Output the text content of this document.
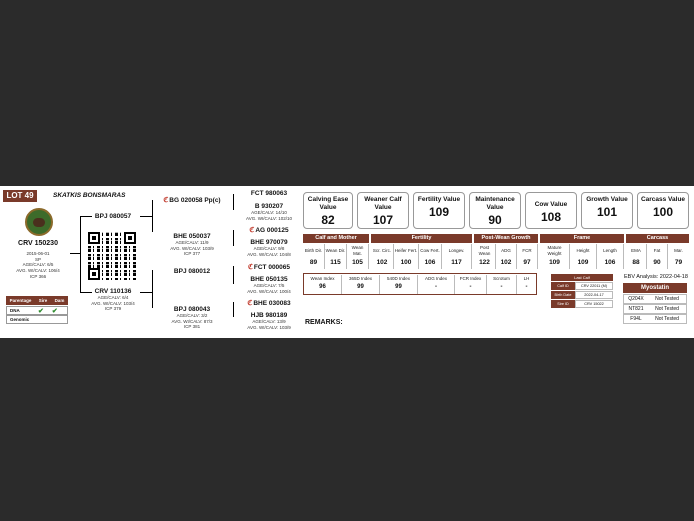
LOT 49	SKATKIS BONSMARAS
CRV 150230
2015-06-01
SP
AGE/CALV: 6/5
AVG. WI/CALV: 106/4
ICP 366
Parentage Sire Dam
DNA	✔ ✔
Genomic
BPJ 080057
CRV 110136
AGE/CALV: 6/4
AVG. WI/CALV: 103/4
ICP 379
ℭBG 020058 Pp(c)
BHE 050037
AGE/CALV: 11/9
AVG. WI/CALV: 103/9
ICP 377
BPJ 080012
BPJ 080043
AGE/CALV: 3/2
AVG. WI/CALV: 87/3
ICP 381
FCT 980063
B 930207
AGE/CALV: 14/10
AVG. WI/CALV: 102/10
ℭAG 000125
BHE 970079
AGE/CALV: 9/8
AVG. WI/CALV: 104/8
ℭFCT 000065
BHE 050135
AGE/CALV: 7/5
AVG. WI/CALV: 100/4
ℭBHE 030083
HJB 980189
AGE/CALV: 13/9
AVG. WI/CALV: 103/9
Calving Ease Value
82
Weaner Calf Value
107
Fertility Value
109
Maintenance Value
90
Cow Value
108
Growth Value
101
Carcass Value
100
Calf and Mother	Fertility	Post-Wean Growth	Frame	Carcass
Birth Dir.
89
Wean Dir.
115
Wean Mat.
105
Scr. Circ.
102
Heifer Fert.
100
Cow Fert.
106
Longev.
117
Post Wean
122
ADG
102
FCR
97
Mature Weight
109
Height
109
Length
106
EMA
88
Fat
90
Mar.
79
Wean Index
96
365D Index
99
540D Index
99
ADG Index
-
FCR Index
-
Scrotum
-
LH
-
REMARKS:
Last Calf
Calf ID	CRV 22011 (M)
Birth Date	2022-04-17
Sire ID	CRV 15022
EBV Analysis: 2022-04-18
Myostatin
Q204X	Not Tested
NT821	Not Tested
F94L	Not Tested
